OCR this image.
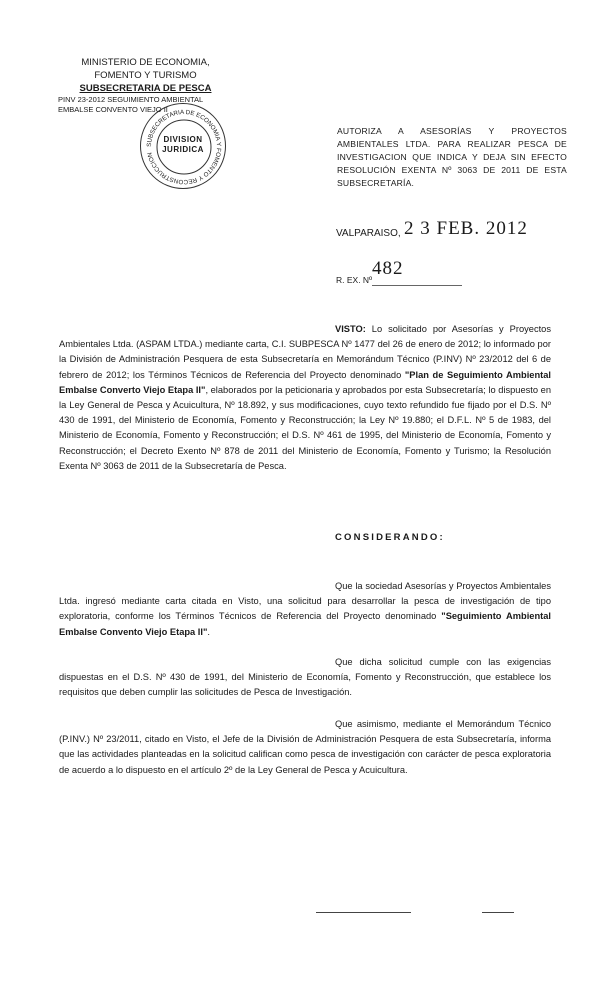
MINISTERIO DE ECONOMIA,
FOMENTO Y TURISMO
SUBSECRETARIA DE PESCA
PINV 23-2012 SEGUIMIENTO AMBIENTAL
EMBALSE CONVENTO VIEJO II
SUBSECRETARIA DE ECONOMIA Y FOMENTO Y RECONSTRUCCION
DIVISION
JURIDICA
AUTORIZA A ASESORÍAS Y PROYECTOS AMBIENTALES LTDA. PARA REALIZAR PESCA DE INVESTIGACION QUE INDICA Y DEJA SIN EFECTO RESOLUCIÓN EXENTA Nº 3063 DE 2011 DE ESTA SUBSECRETARÍA.
VALPARAISO, 2 3 FEB. 2012
R. EX. Nº
482
VISTO: Lo solicitado por Asesorías y Proyectos Ambientales Ltda. (ASPAM LTDA.) mediante carta, C.I. SUBPESCA Nº 1477 del 26 de enero de 2012; lo informado por la División de Administración Pesquera de esta Subsecretaría en Memorándum Técnico (P.INV) Nº 23/2012 del 6 de febrero de 2012; los Términos Técnicos de Referencia del Proyecto denominado "Plan de Seguimiento Ambiental Embalse Converto Viejo Etapa II", elaborados por la peticionaria y aprobados por esta Subsecretaría; lo dispuesto en la Ley General de Pesca y Acuicultura, Nº 18.892, y sus modificaciones, cuyo texto refundido fue fijado por el D.S. Nº 430 de 1991, del Ministerio de Economía, Fomento y Reconstrucción; la Ley Nº 19.880; el D.F.L. Nº 5 de 1983, del Ministerio de Economía, Fomento y Reconstrucción; el D.S. Nº 461 de 1995, del Ministerio de Economía, Fomento y Reconstrucción; el Decreto Exento Nº 878 de 2011 del Ministerio de Economía, Fomento y Turismo; la Resolución Exenta Nº 3063 de 2011 de la Subsecretaría de Pesca.
CONSIDERANDO:
Que la sociedad Asesorías y Proyectos Ambientales Ltda. ingresó mediante carta citada en Visto, una solicitud para desarrollar la pesca de investigación de tipo exploratoria, conforme los Términos Técnicos de Referencia del Proyecto denominado "Seguimiento Ambiental Embalse Convento Viejo Etapa II".
Que dicha solicitud cumple con las exigencias dispuestas en el D.S. Nº 430 de 1991, del Ministerio de Economía, Fomento y Reconstrucción, que establece los requisitos que deben cumplir las solicitudes de Pesca de Investigación.
Que asimismo, mediante el Memorándum Técnico (P.INV.) Nº 23/2011, citado en Visto, el Jefe de la División de Administración Pesquera de esta Subsecretaría, informa que las actividades planteadas en la solicitud califican como pesca de investigación con carácter de pesca exploratoria de acuerdo a lo dispuesto en el artículo 2º de la Ley General de Pesca y Acuicultura.
